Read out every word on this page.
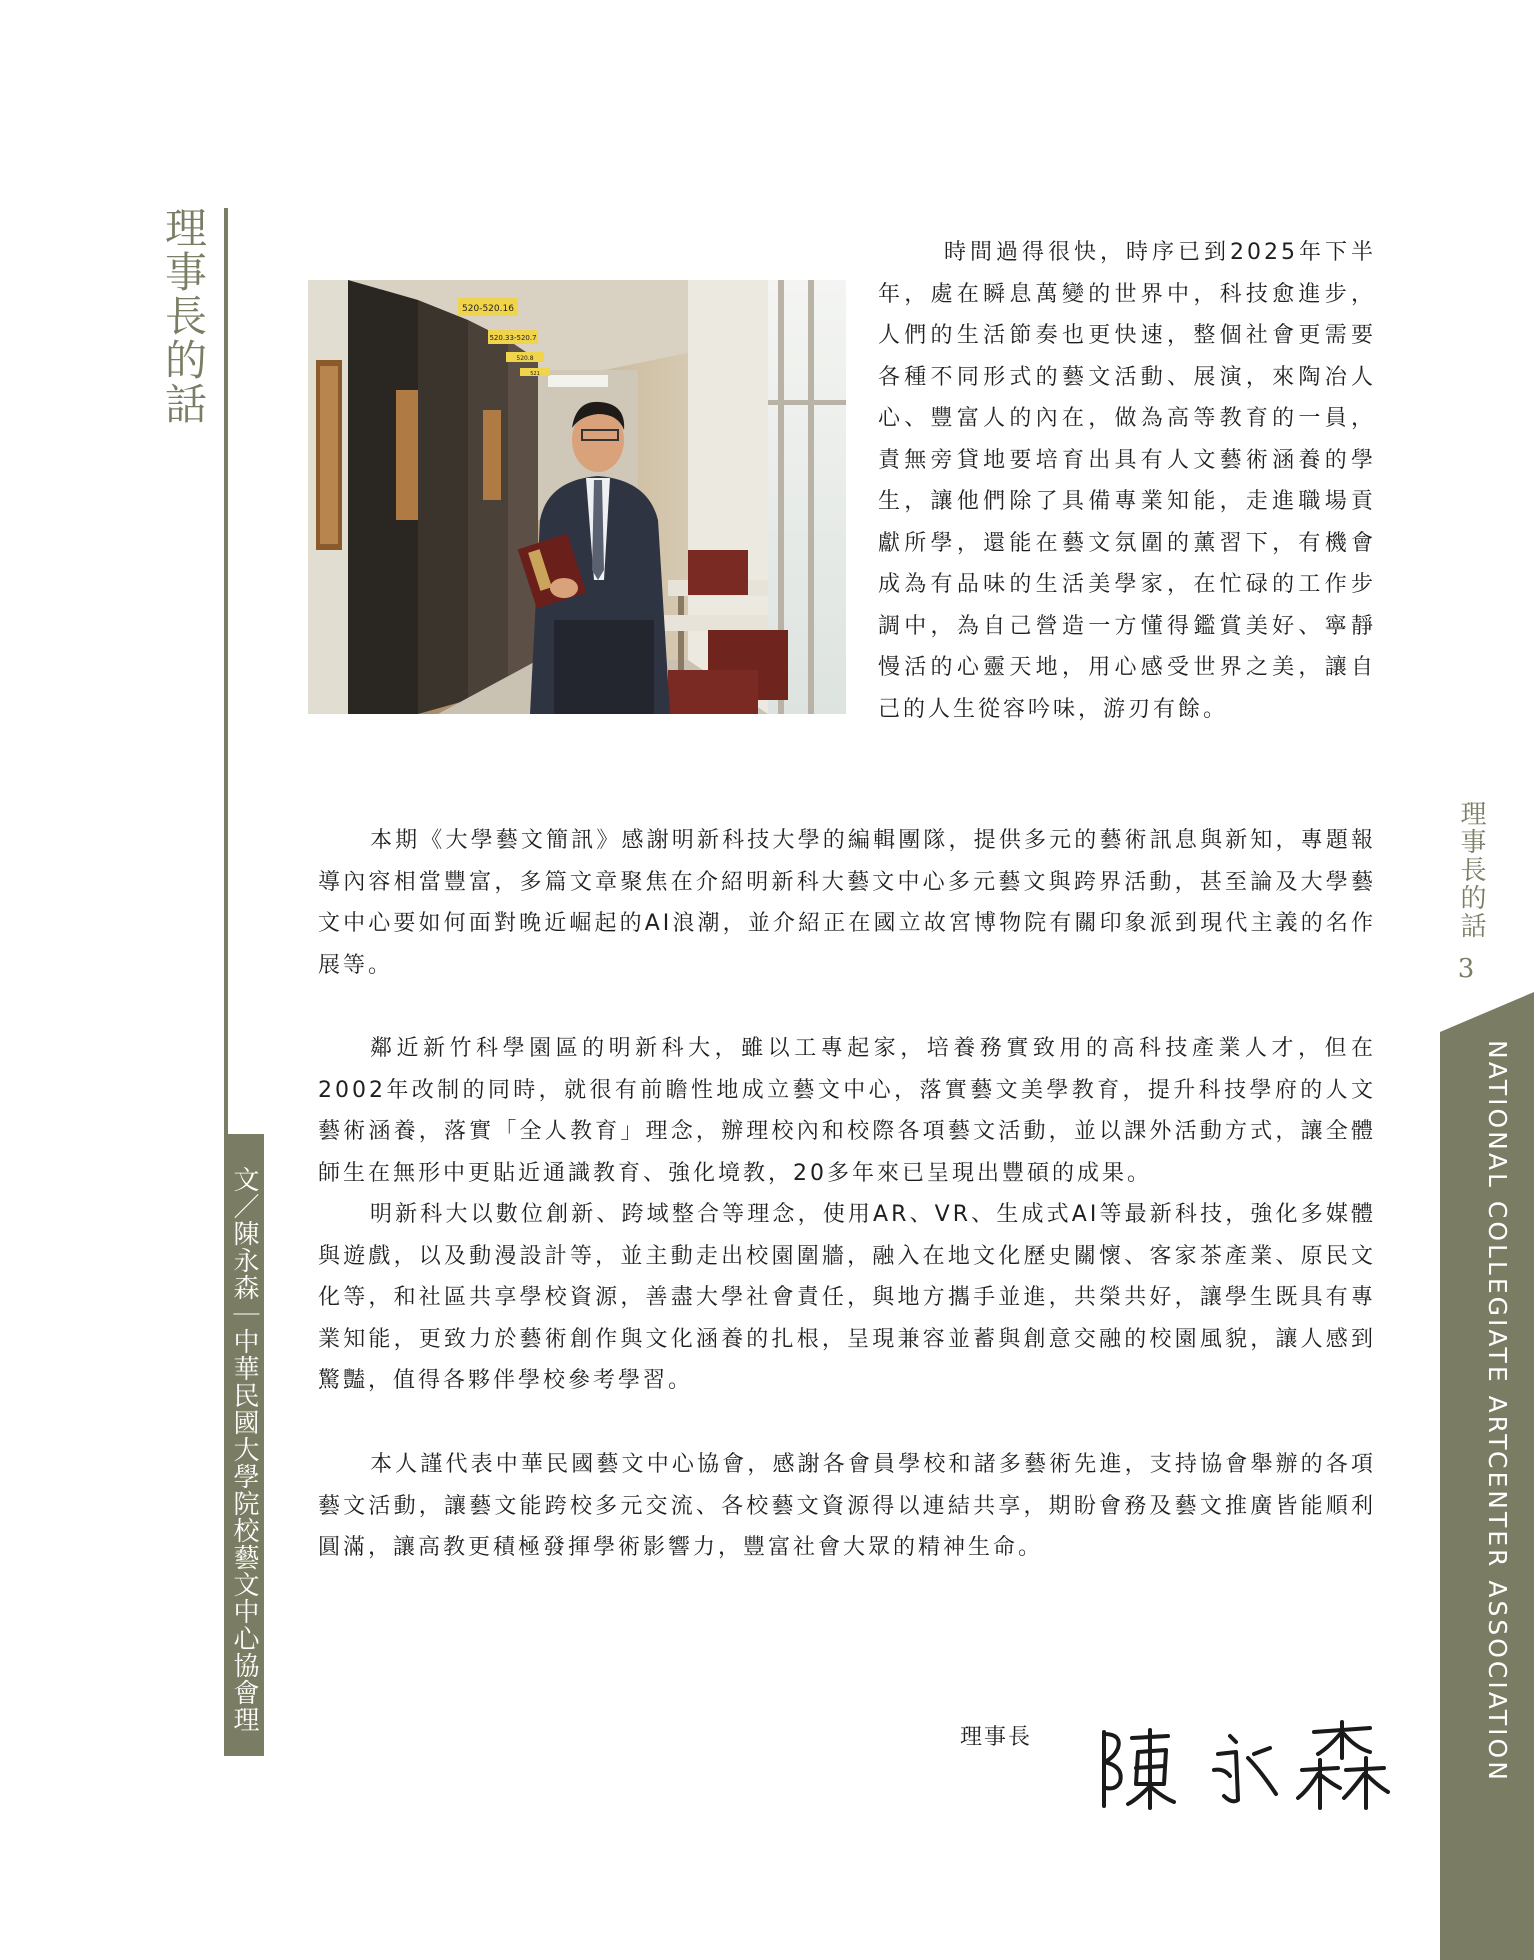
理事長的話
文／陳永森｜中華民國大學院校藝文中心協會理事長
520-520.16
520.33-520.7
520.8
521

時間過得很快，時序已到2025年下半年，處在瞬息萬變的世界中，科技愈進步，人們的生活節奏也更快速，整個社會更需要各種不同形式的藝文活動、展演，來陶冶人心、豐富人的內在，做為高等教育的一員，責無旁貸地要培育出具有人文藝術涵養的學生，讓他們除了具備專業知能，走進職場貢獻所學，還能在藝文氛圍的薰習下，有機會成為有品味的生活美學家，在忙碌的工作步調中，為自己營造一方懂得鑑賞美好、寧靜慢活的心靈天地，用心感受世界之美，讓自己的人生從容吟味，游刃有餘。

本期《大學藝文簡訊》感謝明新科技大學的編輯團隊，提供多元的藝術訊息與新知，專題報導內容相當豐富，多篇文章聚焦在介紹明新科大藝文中心多元藝文與跨界活動，甚至論及大學藝文中心要如何面對晚近崛起的AI浪潮，並介紹正在國立故宮博物院有關印象派到現代主義的名作展等。

鄰近新竹科學園區的明新科大，雖以工專起家，培養務實致用的高科技產業人才，但在2002年改制的同時，就很有前瞻性地成立藝文中心，落實藝文美學教育，提升科技學府的人文藝術涵養，落實「全人教育」理念，辦理校內和校際各項藝文活動，並以課外活動方式，讓全體師生在無形中更貼近通識教育、強化境教，20多年來已呈現出豐碩的成果。

明新科大以數位創新、跨域整合等理念，使用AR、VR、生成式AI等最新科技，強化多媒體與遊戲，以及動漫設計等，並主動走出校園圍牆，融入在地文化歷史關懷、客家茶產業、原民文化等，和社區共享學校資源，善盡大學社會責任，與地方攜手並進，共榮共好，讓學生既具有專業知能，更致力於藝術創作與文化涵養的扎根，呈現兼容並蓄與創意交融的校園風貌，讓人感到驚豔，值得各夥伴學校參考學習。

本人謹代表中華民國藝文中心協會，感謝各會員學校和諸多藝術先進，支持協會舉辦的各項藝文活動，讓藝文能跨校多元交流、各校藝文資源得以連結共享，期盼會務及藝文推廣皆能順利圓滿，讓高教更積極發揮學術影響力，豐富社會大眾的精神生命。

理事長
理事長的話
3
NATIONAL COLLEGIATE ARTCENTER ASSOCIATION
